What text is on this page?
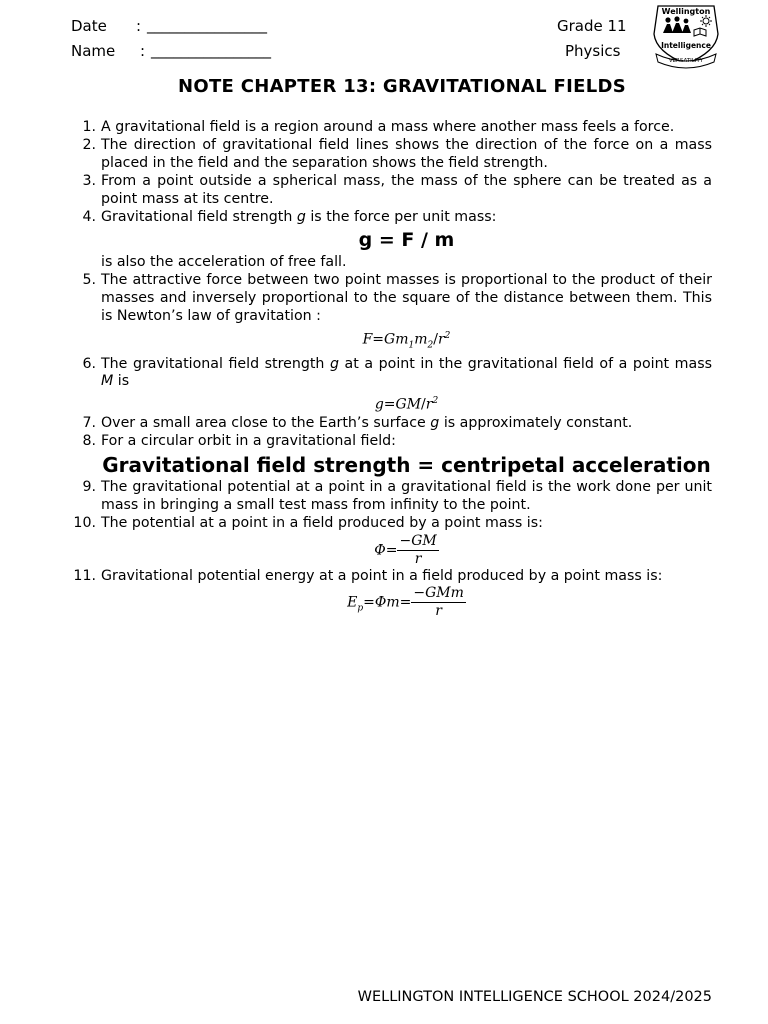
Date : ________________
Name : ________________
Grade 11
Physics
Wellington
Intelligence
VERSATILITY
NOTE CHAPTER 13: GRAVITATIONAL FIELDS
1. A gravitational field is a region around a mass where another mass feels a force.
2. The direction of gravitational field lines shows the direction of the force on a mass placed in the field and the separation shows the field strength.
3. From a point outside a spherical mass, the mass of the sphere can be treated as a point mass at its centre.
4. Gravitational field strength g is the force per unit mass:
g = F / m
is also the acceleration of free fall.
5. The attractive force between two point masses is proportional to the product of their masses and inversely proportional to the square of the distance between them. This is Newton’s law of gravitation :
$F=Gm_1m_2/r^2$
6. The gravitational field strength g at a point in the gravitational field of a point mass M is
$g=GM/r^2$
7. Over a small area close to the Earth’s surface g is approximately constant.
8. For a circular orbit in a gravitational field:
Gravitational field strength = centripetal acceleration
9. The gravitational potential at a point in a gravitational field is the work done per unit mass in bringing a small test mass from infinity to the point.
10. The potential at a point in a field produced by a point mass is:
$\Phi= \frac{-GM}{r}$
11. Gravitational potential energy at a point in a field produced by a point mass is:
$E_p=\Phi m= \frac{\text{−GMm}}{r}$
WELLINGTON INTELLIGENCE SCHOOL 2024/2025
